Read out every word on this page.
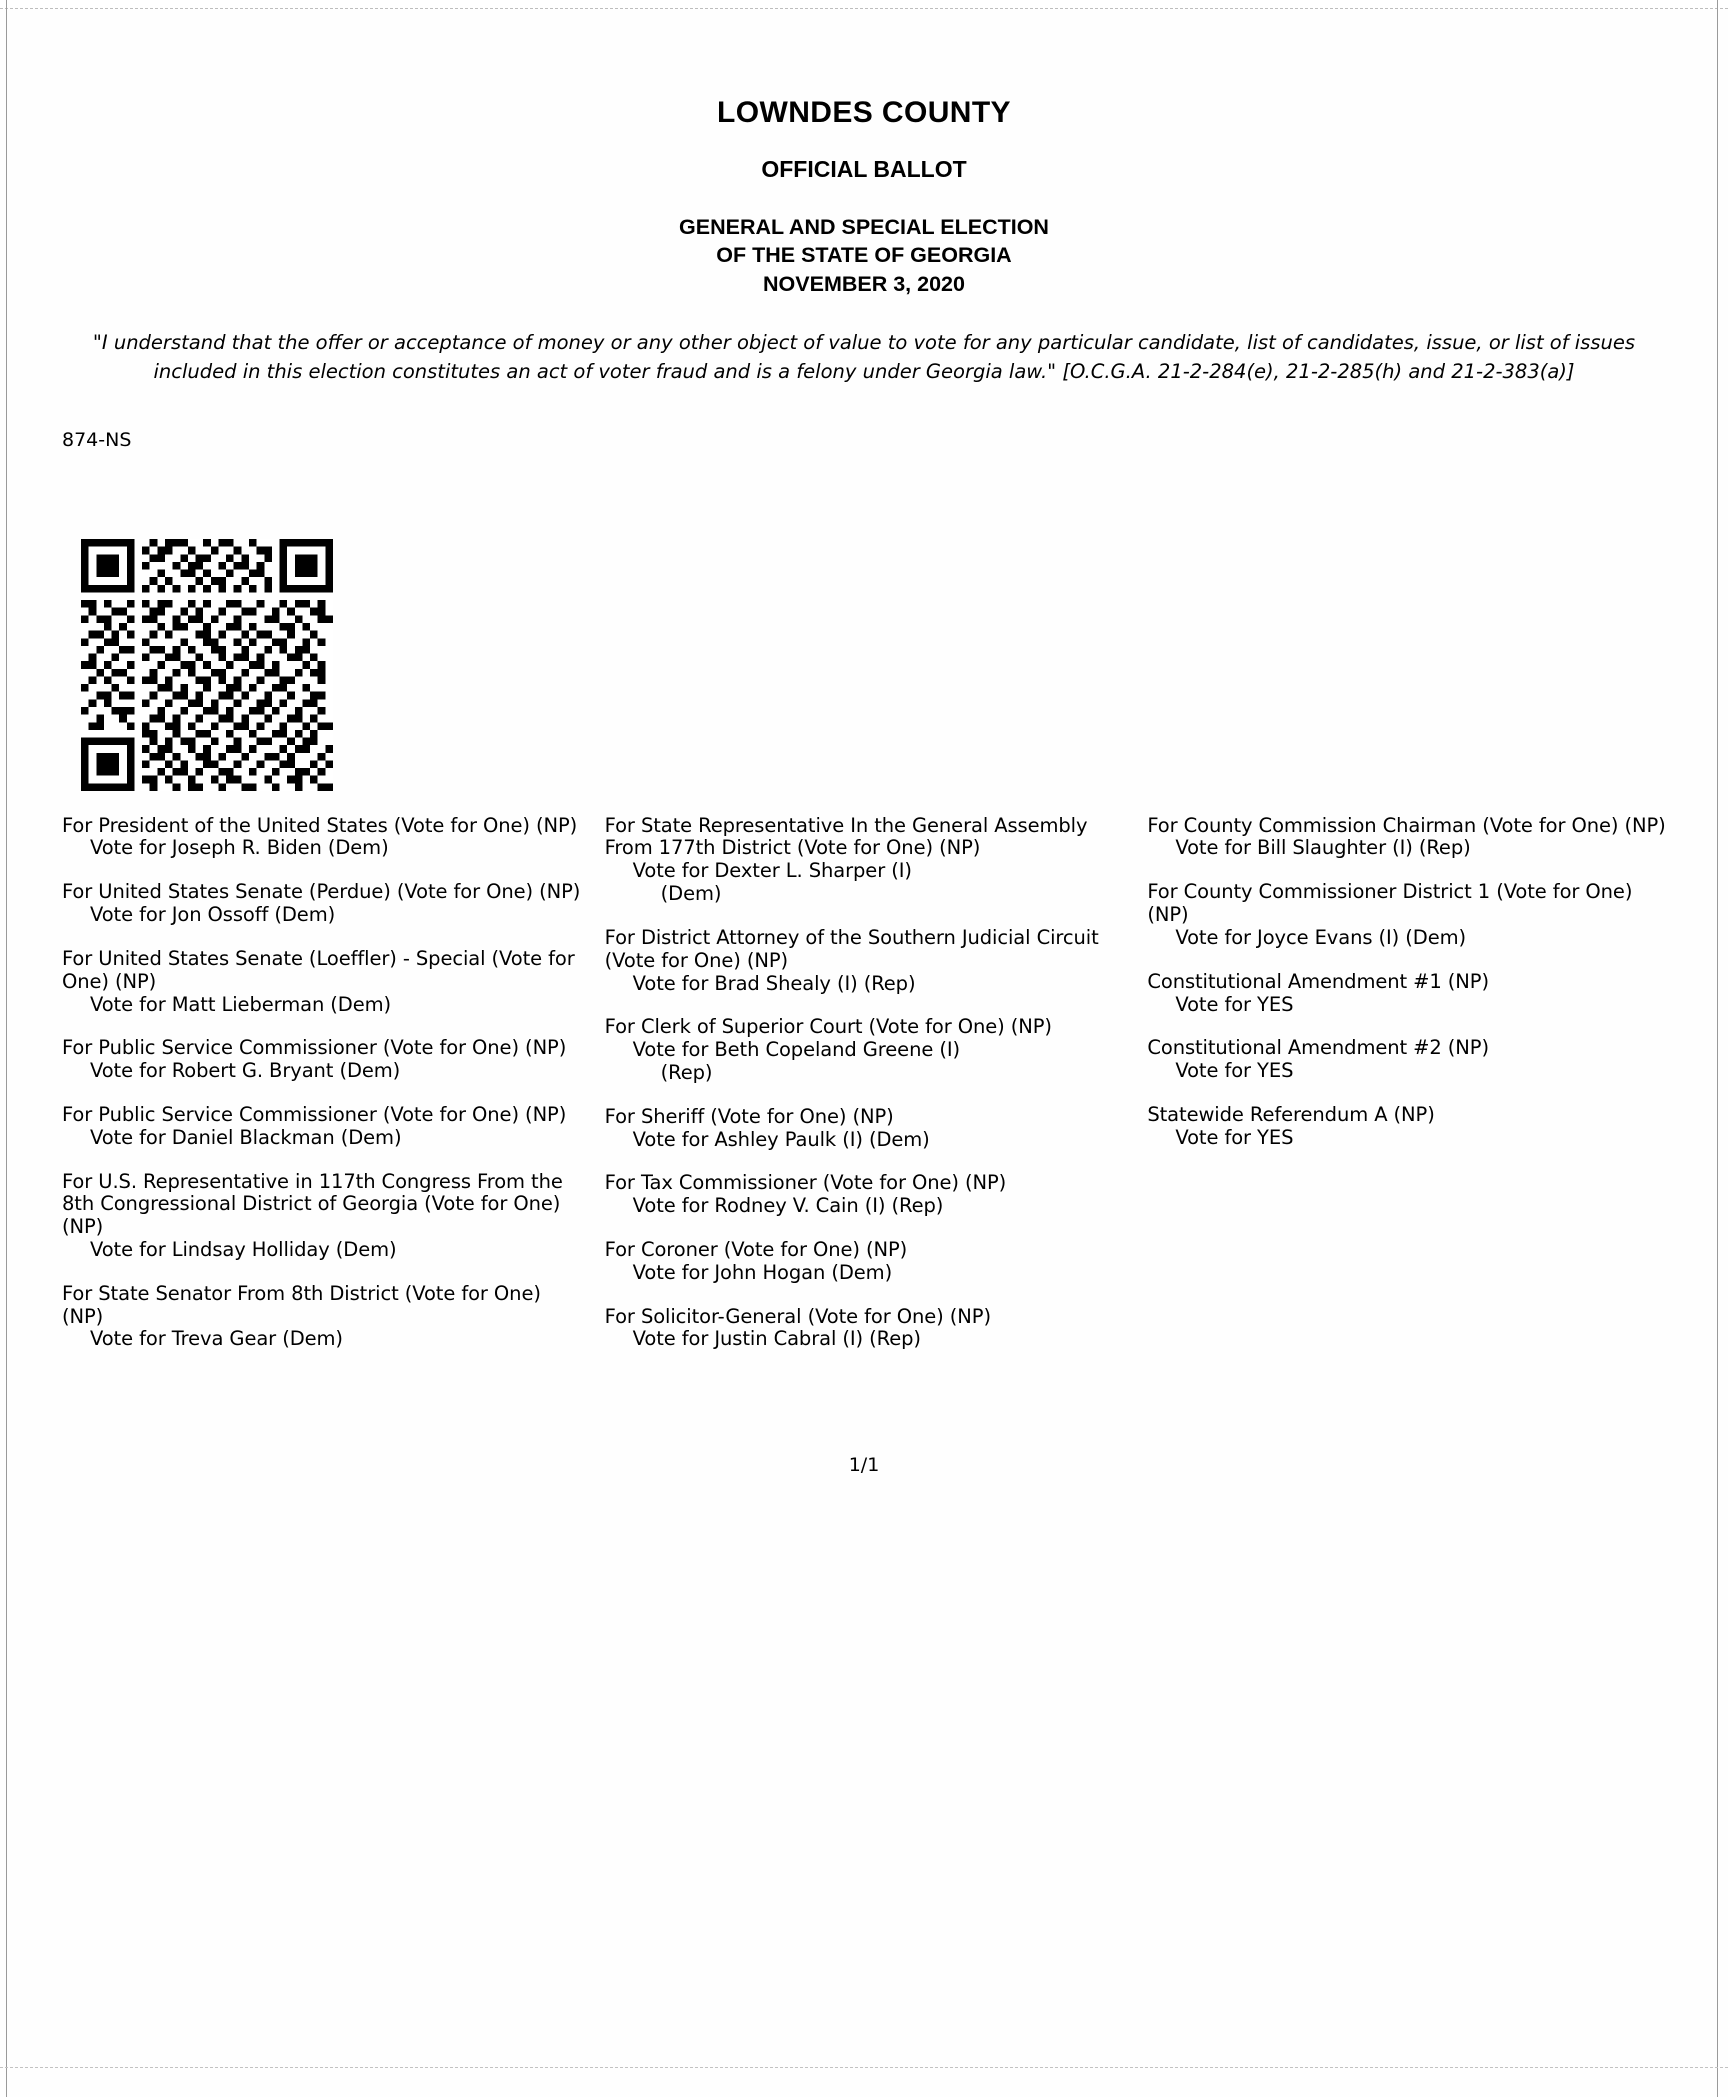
LOWNDES COUNTY
OFFICIAL BALLOT
GENERAL AND SPECIAL ELECTION
OF THE STATE OF GEORGIA
NOVEMBER 3, 2020
"I understand that the offer or acceptance of money or any other object of value to vote for any particular candidate, list of candidates, issue, or list of issues included in this election constitutes an act of voter fraud and is a felony under Georgia law." [O.C.G.A. 21-2-284(e), 21-2-285(h) and 21-2-383(a)]
874-NS
For President of the United States (Vote for One) (NP)
Vote for Joseph R. Biden (Dem)
For United States Senate (Perdue) (Vote for One) (NP)
Vote for Jon Ossoff (Dem)
For United States Senate (Loeffler) - Special (Vote for One) (NP)
Vote for Matt Lieberman (Dem)
For Public Service Commissioner (Vote for One) (NP)
Vote for Robert G. Bryant (Dem)
For Public Service Commissioner (Vote for One) (NP)
Vote for Daniel Blackman (Dem)
For U.S. Representative in 117th Congress From the 8th Congressional District of Georgia (Vote for One) (NP)
Vote for Lindsay Holliday (Dem)
For State Senator From 8th District (Vote for One) (NP)
Vote for Treva Gear (Dem)
For State Representative In the General Assembly From 177th District (Vote for One) (NP)
Vote for Dexter L. Sharper (I)
(Dem)
For District Attorney of the Southern Judicial Circuit (Vote for One) (NP)
Vote for Brad Shealy (I) (Rep)
For Clerk of Superior Court (Vote for One) (NP)
Vote for Beth Copeland Greene (I)
(Rep)
For Sheriff (Vote for One) (NP)
Vote for Ashley Paulk (I) (Dem)
For Tax Commissioner (Vote for One) (NP)
Vote for Rodney V. Cain (I) (Rep)
For Coroner (Vote for One) (NP)
Vote for John Hogan (Dem)
For Solicitor-General (Vote for One) (NP)
Vote for Justin Cabral (I) (Rep)
For County Commission Chairman (Vote for One) (NP)
Vote for Bill Slaughter (I) (Rep)
For County Commissioner District 1 (Vote for One) (NP)
Vote for Joyce Evans (I) (Dem)
Constitutional Amendment #1 (NP)
Vote for YES
Constitutional Amendment #2 (NP)
Vote for YES
Statewide Referendum A (NP)
Vote for YES
1/1
